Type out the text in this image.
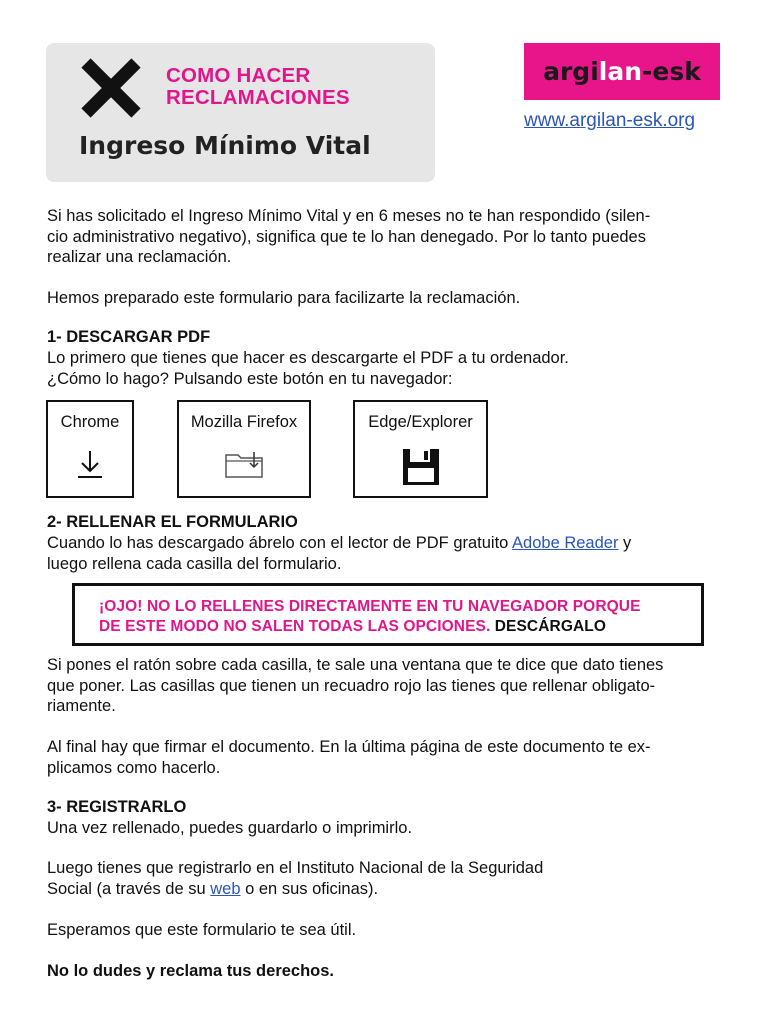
COMO HACER
RECLAMACIONES
Ingreso Mínimo Vital
argilan-esk
www.argilan-esk.org
Si has solicitado el Ingreso Mínimo Vital y en 6 meses no te han respondido (silen-
cio administrativo negativo), significa que te lo han denegado. Por lo tanto puedes
realizar una reclamación.
Hemos preparado este formulario para facilizarte la reclamación.
1- DESCARGAR PDF
Lo primero que tienes que hacer es descargarte el PDF a tu ordenador.
¿Cómo lo hago? Pulsando este botón en tu navegador:
Chrome	Mozilla Firefox	Edge/Explorer
2- RELLENAR EL FORMULARIO
Cuando lo has descargado ábrelo con el lector de PDF gratuito Adobe Reader y
luego rellena cada casilla del formulario.
¡OJO! NO LO RELLENES DIRECTAMENTE EN TU NAVEGADOR PORQUE
DE ESTE MODO NO SALEN TODAS LAS OPCIONES. DESCÁRGALO
Si pones el ratón sobre cada casilla, te sale una ventana que te dice que dato tienes
que poner. Las casillas que tienen un recuadro rojo las tienes que rellenar obligato-
riamente.
Al final hay que firmar el documento. En la última página de este documento te ex-
plicamos como hacerlo.
3- REGISTRARLO
Una vez rellenado, puedes guardarlo o imprimirlo.
Luego tienes que registrarlo en el Instituto Nacional de la Seguridad
Social (a través de su web o en sus oficinas).
Esperamos que este formulario te sea útil.
No lo dudes y reclama tus derechos.
